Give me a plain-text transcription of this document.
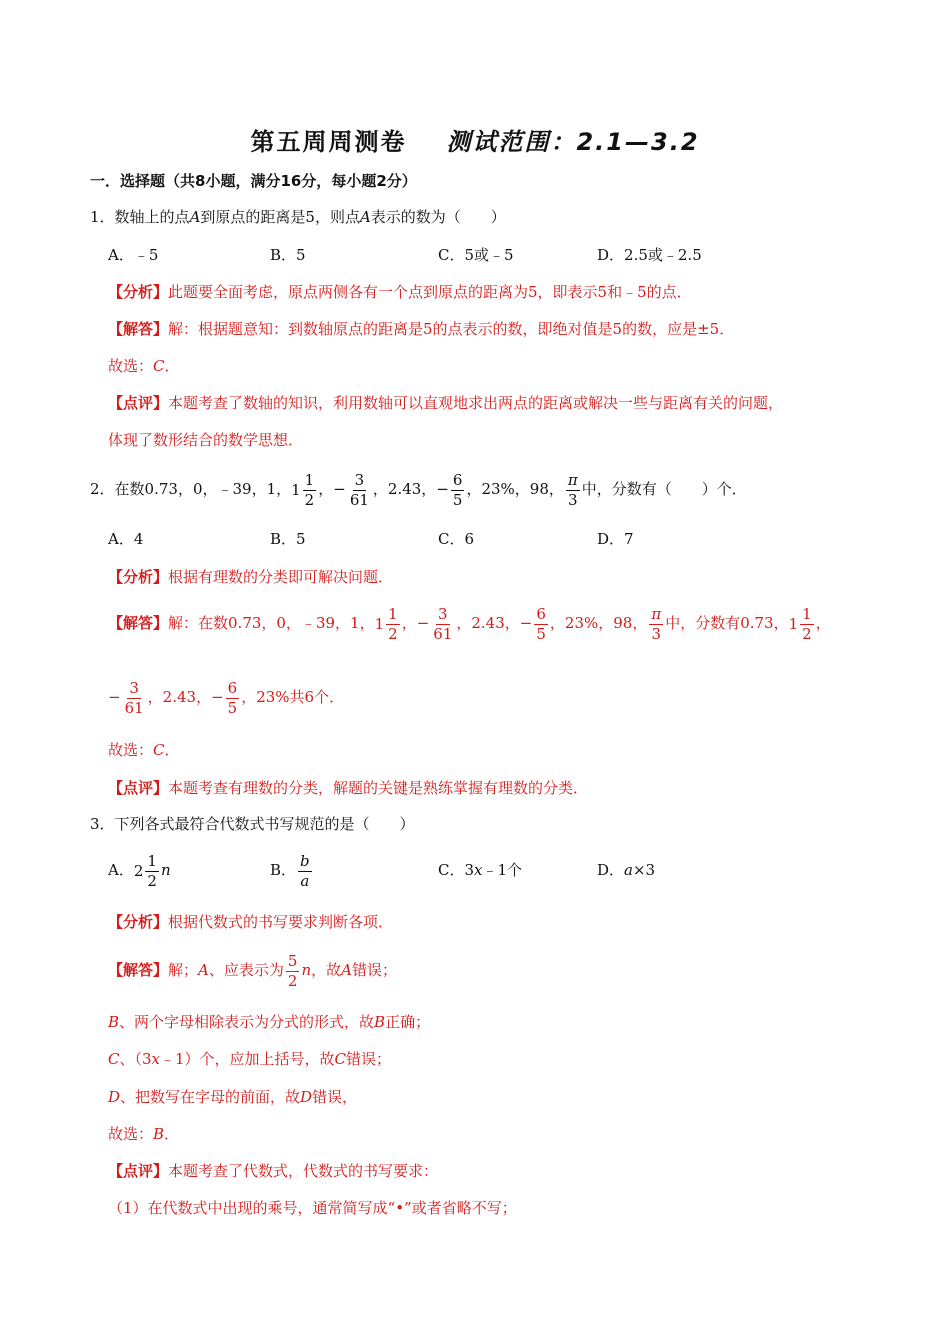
第五周周测卷 测试范围：2.1—3.2
一．选择题（共8小题，满分16分，每小题2分）
1．数轴上的点A到原点的距离是5，则点A表示的数为（　　）
A．﹣5	B．5	C．5或﹣5	D．2.5或﹣2.5
【分析】此题要全面考虑，原点两侧各有一个点到原点的距离为5，即表示5和﹣5的点．
【解答】解：根据题意知：到数轴原点的距离是5的点表示的数，即绝对值是5的数，应是±5．
故选：C．
【点评】本题考查了数轴的知识，利用数轴可以直观地求出两点的距离或解决一些与距离有关的问题，
体现了数形结合的数学思想．
2．在数0.73，0，﹣39，1，$1 \frac{1}{2}$ ，− $\frac{3}{61}$ ，2.43，− $\frac{6}{5}$ ，23%，98， $\frac{\pi}{3}$ 中，分数有（　　）个．
A．4	B．5	C．6	D．7
【分析】根据有理数的分类即可解决问题．
【解答】解：在数0.73，0，﹣39，1，$1 \frac{1}{2}$ ，− $\frac{3}{61}$ ，2.43，− $\frac{6}{5}$ ，23%，98， $\frac{\pi}{3}$ 中，分数有0.73，$1 \frac{1}{2}$ ，
− $\frac{3}{61}$ ，2.43，− $\frac{6}{5}$ ，23%共6个．
故选：C．
【点评】本题考查有理数的分类，解题的关键是熟练掌握有理数的分类．
3．下列各式最符合代数式书写规范的是（　　）
A．$2 \frac{1}{2}$ n	B． $\frac{b}{a}$	C．3x﹣1个	D．a×3
【分析】根据代数式的书写要求判断各项．
【解答】解；A、应表示为 $\frac{5}{2}$ n，故A错误；
B、两个字母相除表示为分式的形式，故B正确；
C、（3x﹣1）个，应加上括号，故C错误；
D、把数写在字母的前面，故D错误，
故选：B．
【点评】本题考查了代数式，代数式的书写要求：
（1）在代数式中出现的乘号，通常简写成“•”或者省略不写；
